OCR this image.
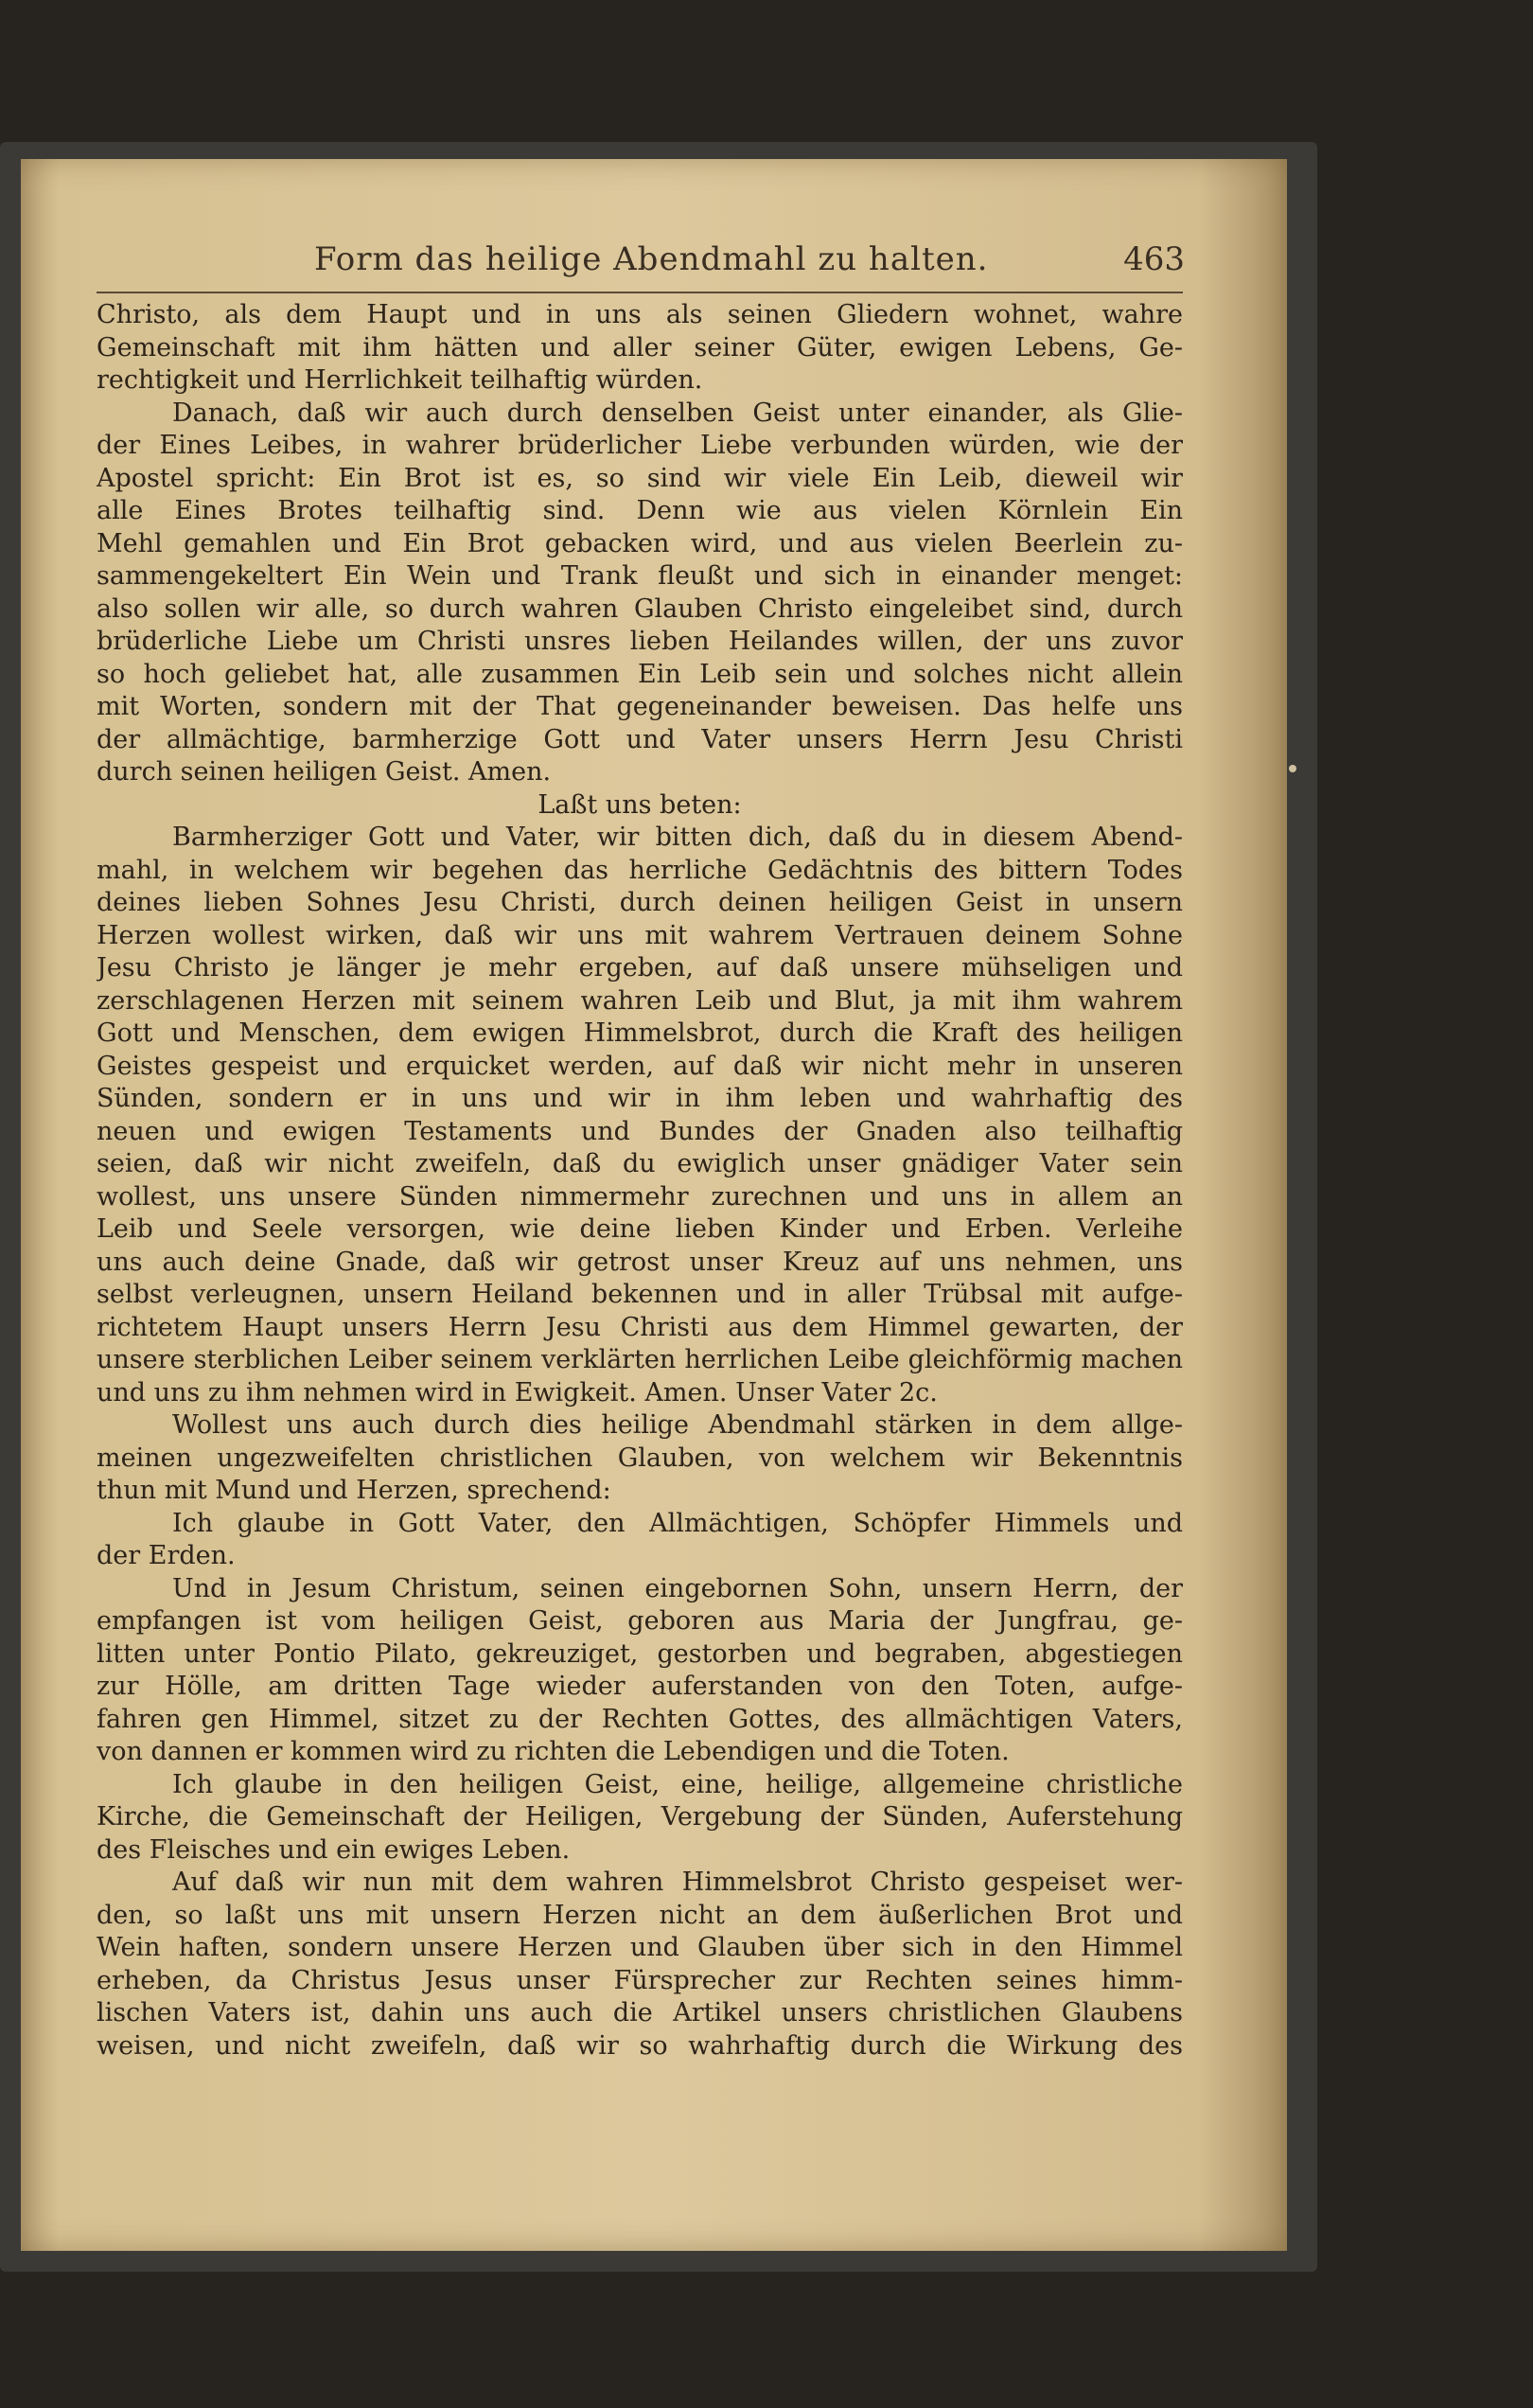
Form das heilige Abendmahl zu halten.	463
Christo, als dem Haupt und in uns als seinen Gliedern wohnet, wahre
Gemeinschaft mit ihm hätten und aller seiner Güter, ewigen Lebens, Ge-
rechtigkeit und Herrlichkeit teilhaftig würden.
Danach, daß wir auch durch denselben Geist unter einander, als Glie-
der Eines Leibes, in wahrer brüderlicher Liebe verbunden würden, wie der
Apostel spricht: Ein Brot ist es, so sind wir viele Ein Leib, dieweil wir
alle Eines Brotes teilhaftig sind. Denn wie aus vielen Körnlein Ein
Mehl gemahlen und Ein Brot gebacken wird, und aus vielen Beerlein zu-
sammengekeltert Ein Wein und Trank fleußt und sich in einander menget:
also sollen wir alle, so durch wahren Glauben Christo eingeleibet sind, durch
brüderliche Liebe um Christi unsres lieben Heilandes willen, der uns zuvor
so hoch geliebet hat, alle zusammen Ein Leib sein und solches nicht allein
mit Worten, sondern mit der That gegeneinander beweisen. Das helfe uns
der allmächtige, barmherzige Gott und Vater unsers Herrn Jesu Christi
durch seinen heiligen Geist. Amen.
Laßt uns beten:
Barmherziger Gott und Vater, wir bitten dich, daß du in diesem Abend-
mahl, in welchem wir begehen das herrliche Gedächtnis des bittern Todes
deines lieben Sohnes Jesu Christi, durch deinen heiligen Geist in unsern
Herzen wollest wirken, daß wir uns mit wahrem Vertrauen deinem Sohne
Jesu Christo je länger je mehr ergeben, auf daß unsere mühseligen und
zerschlagenen Herzen mit seinem wahren Leib und Blut, ja mit ihm wahrem
Gott und Menschen, dem ewigen Himmelsbrot, durch die Kraft des heiligen
Geistes gespeist und erquicket werden, auf daß wir nicht mehr in unseren
Sünden, sondern er in uns und wir in ihm leben und wahrhaftig des
neuen und ewigen Testaments und Bundes der Gnaden also teilhaftig
seien, daß wir nicht zweifeln, daß du ewiglich unser gnädiger Vater sein
wollest, uns unsere Sünden nimmermehr zurechnen und uns in allem an
Leib und Seele versorgen, wie deine lieben Kinder und Erben. Verleihe
uns auch deine Gnade, daß wir getrost unser Kreuz auf uns nehmen, uns
selbst verleugnen, unsern Heiland bekennen und in aller Trübsal mit aufge-
richtetem Haupt unsers Herrn Jesu Christi aus dem Himmel gewarten, der
unsere sterblichen Leiber seinem verklärten herrlichen Leibe gleichförmig machen
und uns zu ihm nehmen wird in Ewigkeit. Amen. Unser Vater 2c.
Wollest uns auch durch dies heilige Abendmahl stärken in dem allge-
meinen ungezweifelten christlichen Glauben, von welchem wir Bekenntnis
thun mit Mund und Herzen, sprechend:
Ich glaube in Gott Vater, den Allmächtigen, Schöpfer Himmels und
der Erden.
Und in Jesum Christum, seinen eingebornen Sohn, unsern Herrn, der
empfangen ist vom heiligen Geist, geboren aus Maria der Jungfrau, ge-
litten unter Pontio Pilato, gekreuziget, gestorben und begraben, abgestiegen
zur Hölle, am dritten Tage wieder auferstanden von den Toten, aufge-
fahren gen Himmel, sitzet zu der Rechten Gottes, des allmächtigen Vaters,
von dannen er kommen wird zu richten die Lebendigen und die Toten.
Ich glaube in den heiligen Geist, eine, heilige, allgemeine christliche
Kirche, die Gemeinschaft der Heiligen, Vergebung der Sünden, Auferstehung
des Fleisches und ein ewiges Leben.
Auf daß wir nun mit dem wahren Himmelsbrot Christo gespeiset wer-
den, so laßt uns mit unsern Herzen nicht an dem äußerlichen Brot und
Wein haften, sondern unsere Herzen und Glauben über sich in den Himmel
erheben, da Christus Jesus unser Fürsprecher zur Rechten seines himm-
lischen Vaters ist, dahin uns auch die Artikel unsers christlichen Glaubens
weisen, und nicht zweifeln, daß wir so wahrhaftig durch die Wirkung des
